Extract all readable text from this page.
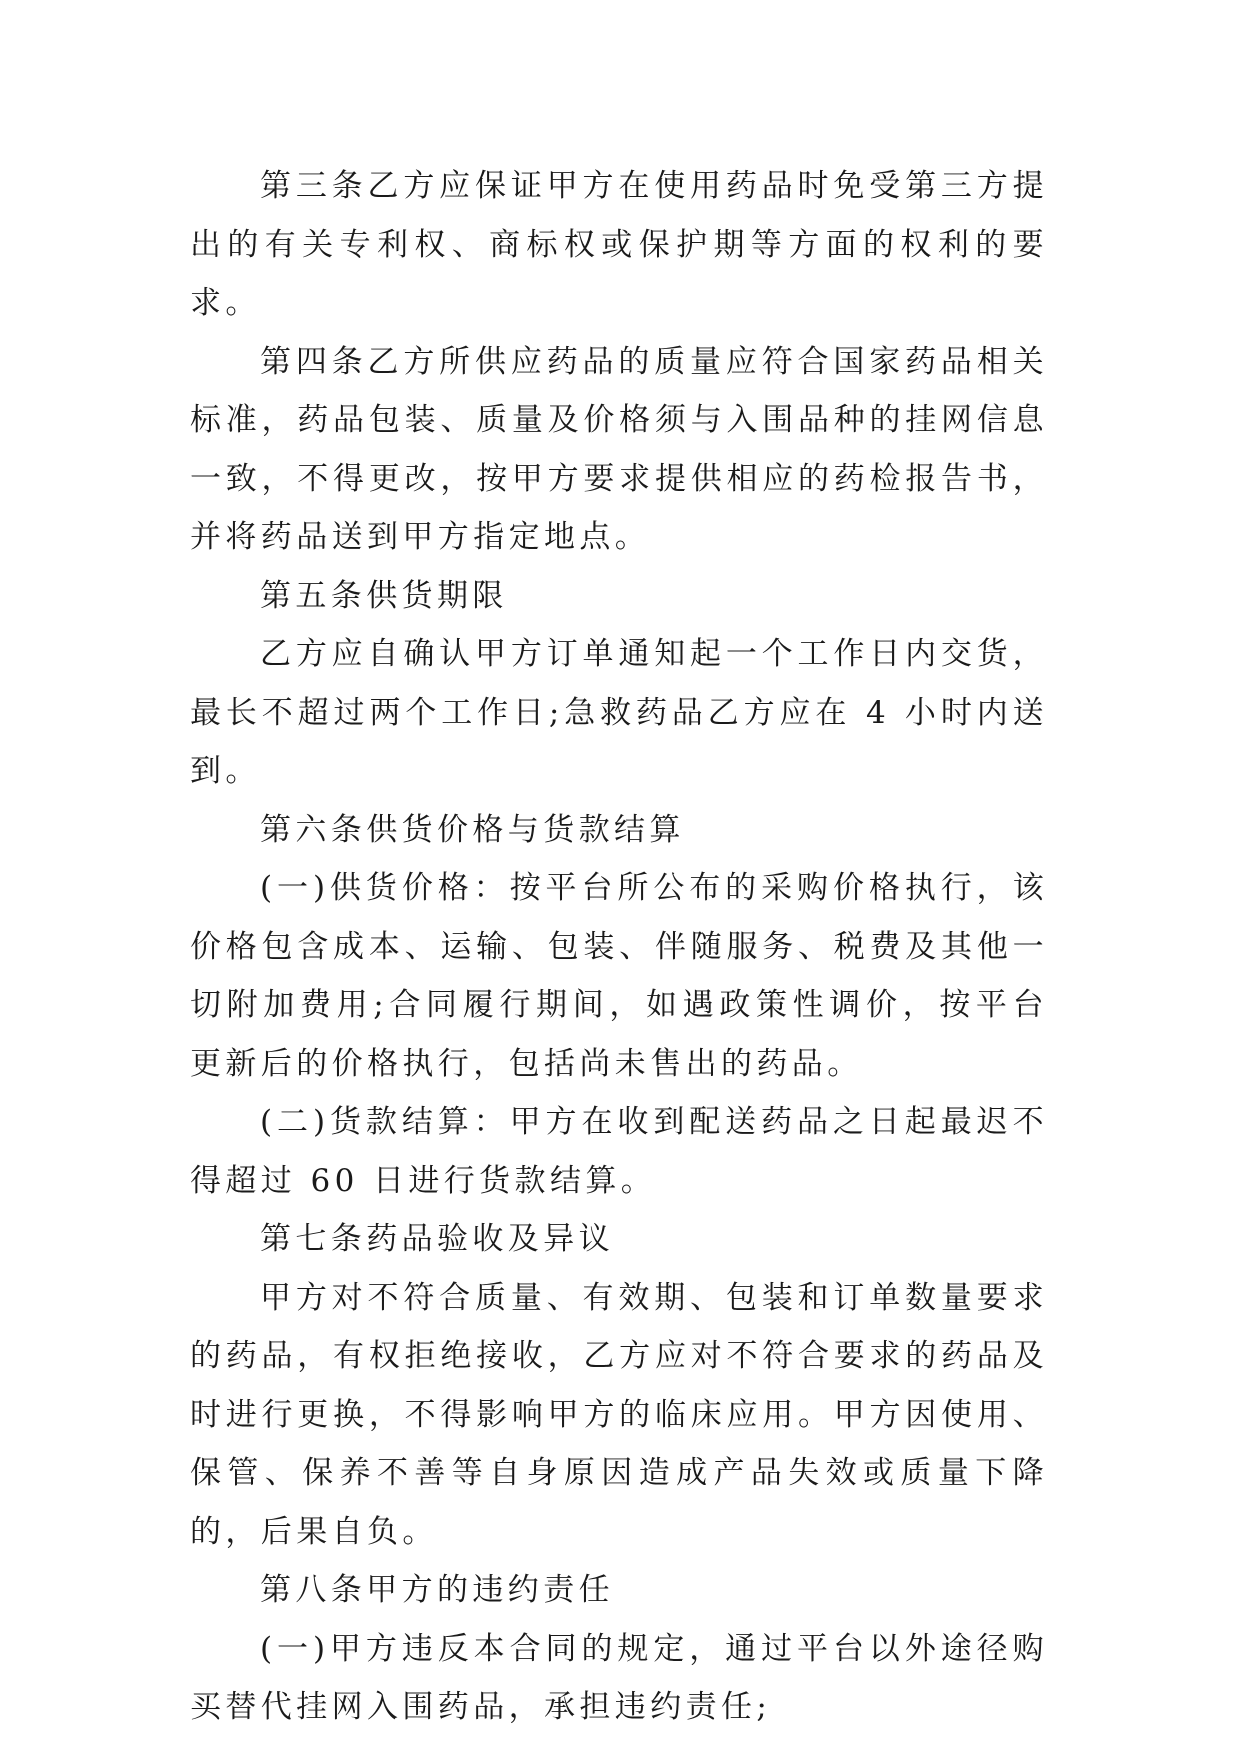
第三条乙方应保证甲方在使用药品时免受第三方提出的有关专利权、商标权或保护期等方面的权利的要求。

第四条乙方所供应药品的质量应符合国家药品相关标准，药品包装、质量及价格须与入围品种的挂网信息一致，不得更改，按甲方要求提供相应的药检报告书，并将药品送到甲方指定地点。

第五条供货期限

乙方应自确认甲方订单通知起一个工作日内交货，最长不超过两个工作日;急救药品乙方应在 4 小时内送到。

第六条供货价格与货款结算

(一)供货价格：按平台所公布的采购价格执行，该价格包含成本、运输、包装、伴随服务、税费及其他一切附加费用;合同履行期间，如遇政策性调价，按平台更新后的价格执行，包括尚未售出的药品。

(二)货款结算：甲方在收到配送药品之日起最迟不得超过 60 日进行货款结算。

第七条药品验收及异议

甲方对不符合质量、有效期、包装和订单数量要求的药品，有权拒绝接收，乙方应对不符合要求的药品及时进行更换，不得影响甲方的临床应用。甲方因使用、保管、保养不善等自身原因造成产品失效或质量下降的，后果自负。

第八条甲方的违约责任

(一)甲方违反本合同的规定，通过平台以外途径购买替代挂网入围药品，承担违约责任;
